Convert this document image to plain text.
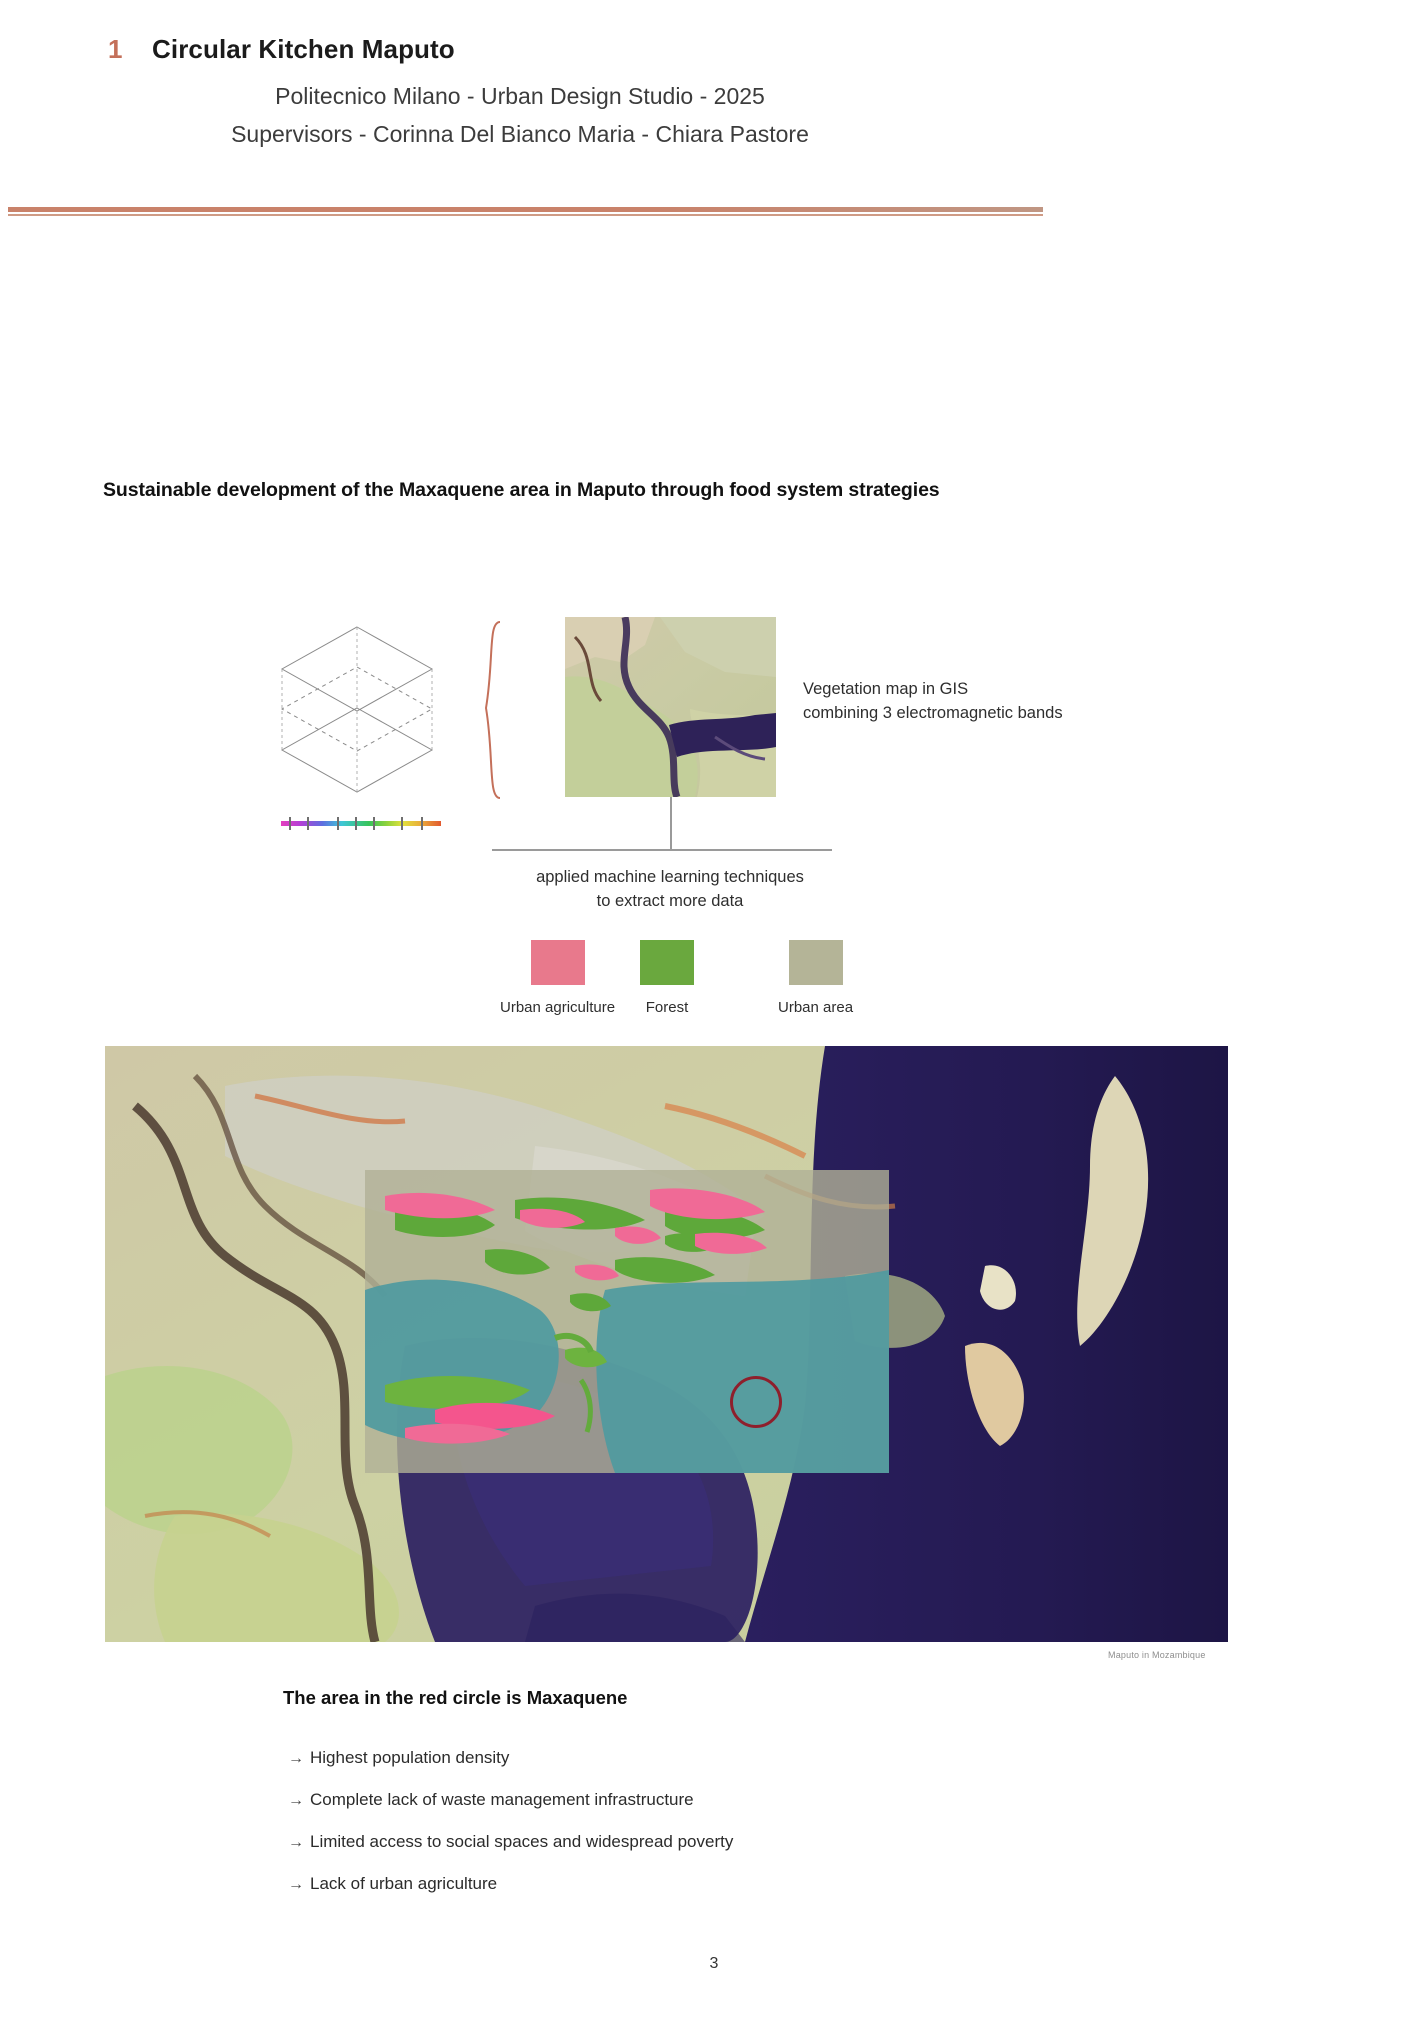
1	Circular Kitchen Maputo
Politecnico Milano - Urban Design Studio - 2025
Supervisors - Corinna Del Bianco Maria - Chiara Pastore
Sustainable development of the Maxaquene area in Maputo through food system strategies
Vegetation map in GIS
combining 3 electromagnetic bands
applied machine learning techniques
to extract more data
Urban agriculture	Forest	Urban area
Maputo in Mozambique
The area in the red circle is Maxaquene
→ Highest population density
→ Complete lack of waste management infrastructure
→ Limited access to social spaces and widespread poverty
→ Lack of urban agriculture
3
